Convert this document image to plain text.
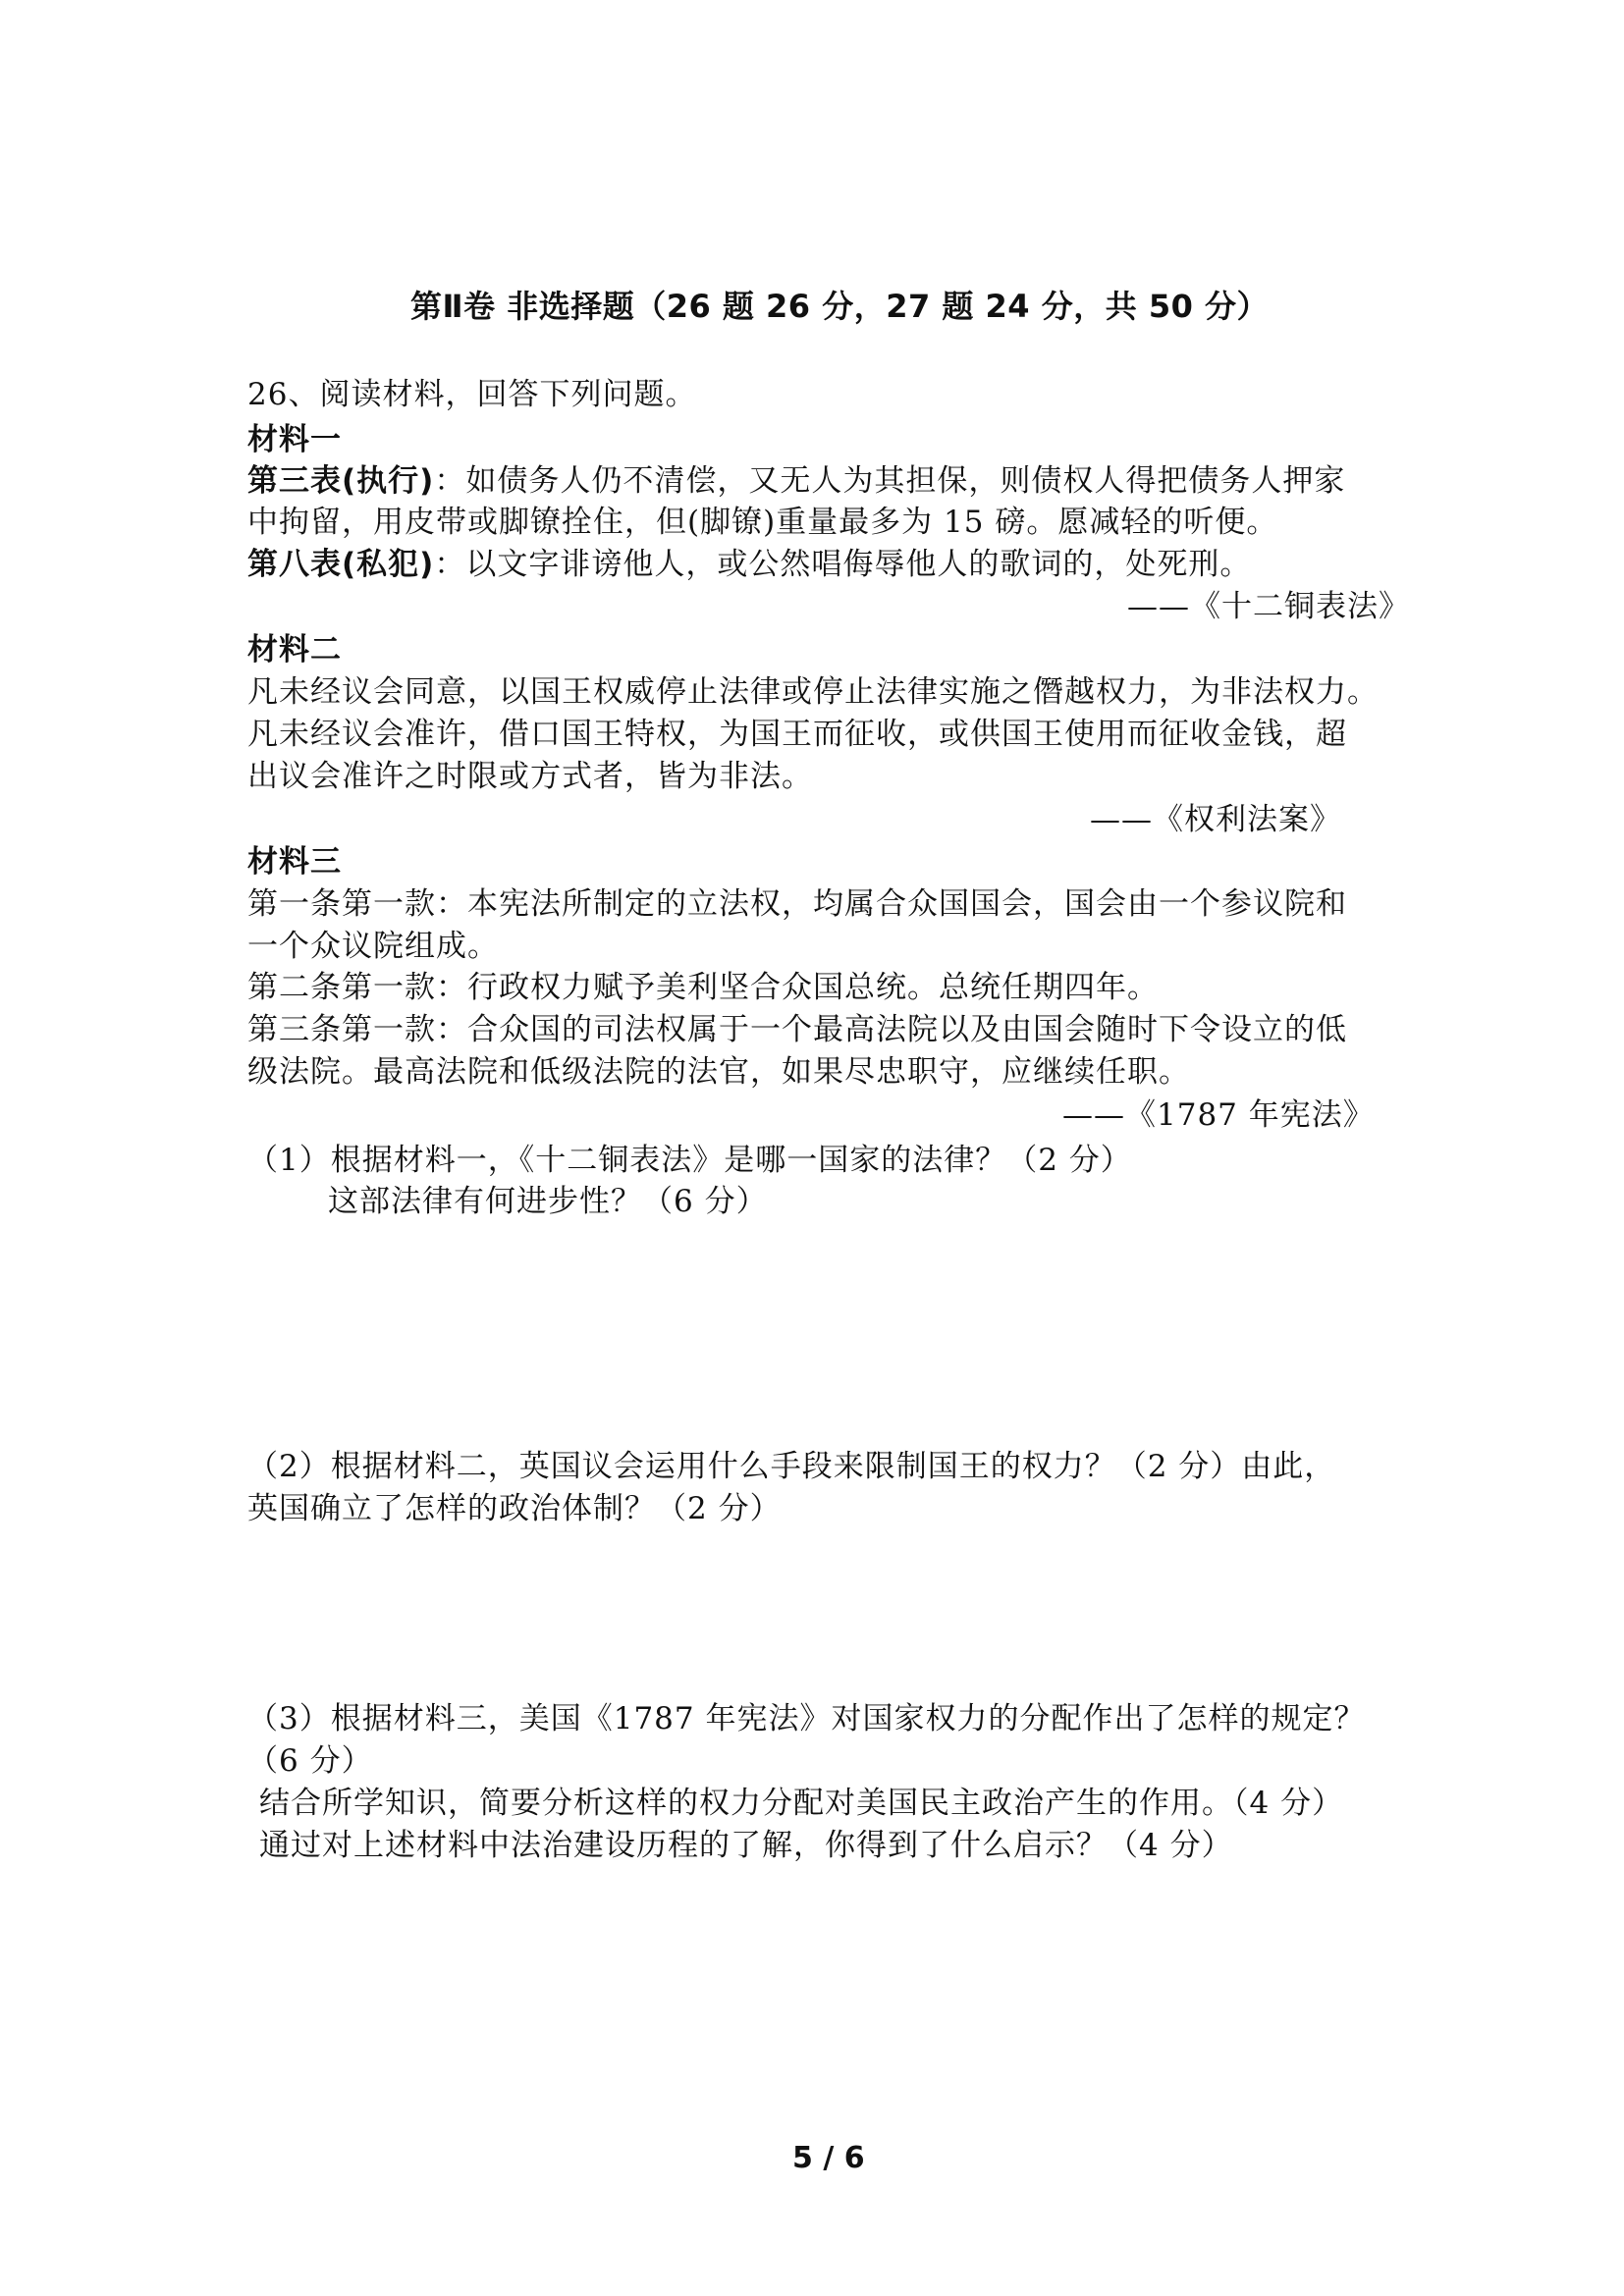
第Ⅱ卷 非选择题（26 题 26 分，27 题 24 分，共 50 分）
26、阅读材料，回答下列问题。
材料一
第三表(执行)：如债务人仍不清偿，又无人为其担保，则债权人得把债务人押家
中拘留，用皮带或脚镣拴住，但(脚镣)重量最多为 15 磅。愿减轻的听便。
第八表(私犯)：以文字诽谤他人，或公然唱侮辱他人的歌词的，处死刑。
——《十二铜表法》
材料二
凡未经议会同意，以国王权威停止法律或停止法律实施之僭越权力，为非法权力。
凡未经议会准许，借口国王特权，为国王而征收，或供国王使用而征收金钱，超
出议会准许之时限或方式者，皆为非法。
——《权利法案》
材料三
第一条第一款：本宪法所制定的立法权，均属合众国国会，国会由一个参议院和
一个众议院组成。
第二条第一款：行政权力赋予美利坚合众国总统。总统任期四年。
第三条第一款：合众国的司法权属于一个最高法院以及由国会随时下令设立的低
级法院。最高法院和低级法院的法官，如果尽忠职守，应继续任职。
——《1787 年宪法》
（1）根据材料一，《十二铜表法》是哪一国家的法律？（2 分）
这部法律有何进步性？（6 分）
（2）根据材料二，英国议会运用什么手段来限制国王的权力？（2 分）由此，
英国确立了怎样的政治体制？（2 分）
（3）根据材料三，美国《1787 年宪法》对国家权力的分配作出了怎样的规定？
（6 分）
结合所学知识，简要分析这样的权力分配对美国民主政治产生的作用。（4 分）
通过对上述材料中法治建设历程的了解，你得到了什么启示？（4 分）
5 / 6
